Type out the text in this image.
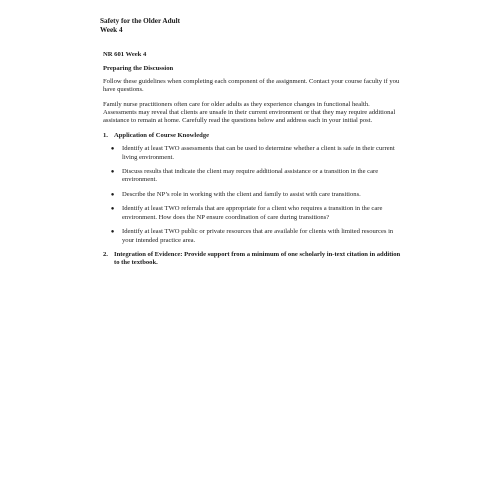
Safety for the Older Adult
Week 4
NR 601 Week 4
Preparing the Discussion

Follow these guidelines when completing each component of the assignment. Contact your course faculty if you have questions.

Family nurse practitioners often care for older adults as they experience changes in functional health. Assessments may reveal that clients are unsafe in their current environment or that they may require additional assistance to remain at home. Carefully read the questions below and address each in your initial post.

1. Application of Course Knowledge
●	Identify at least TWO assessments that can be used to determine whether a client is safe in their current living environment.
●	Discuss results that indicate the client may require additional assistance or a transition in the care environment.
●	Describe the NP’s role in working with the client and family to assist with care transitions.
●	Identify at least TWO referrals that are appropriate for a client who requires a transition in the care environment. How does the NP ensure coordination of care during transitions?
●	Identify at least TWO public or private resources that are available for clients with limited resources in your intended practice area.
2. Integration of Evidence: Provide support from a minimum of one scholarly in-text citation in addition to the textbook.
